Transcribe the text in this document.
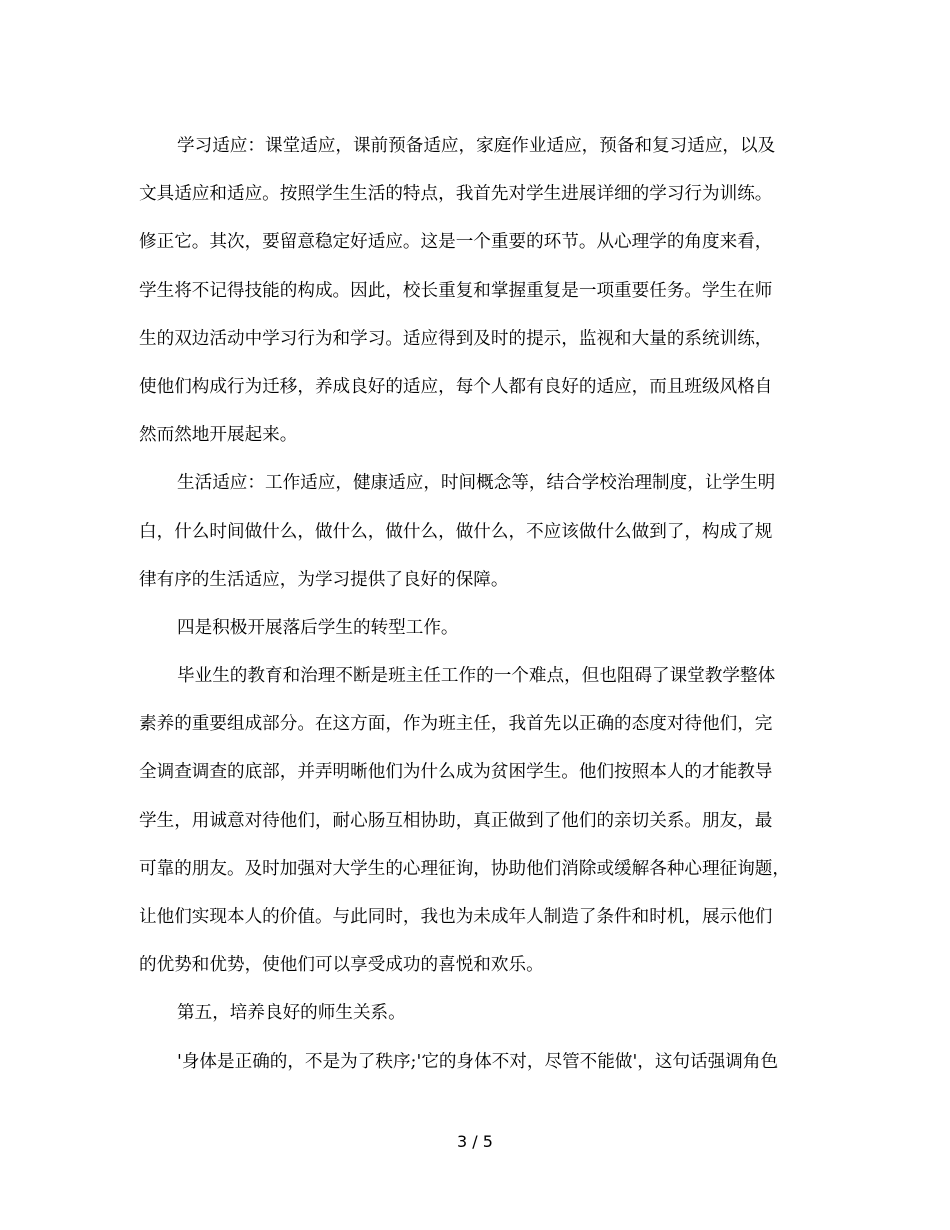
学习适应：课堂适应，课前预备适应，家庭作业适应，预备和复习适应，以及
文具适应和适应。按照学生生活的特点，我首先对学生进展详细的学习行为训练。
修正它。其次，要留意稳定好适应。这是一个重要的环节。从心理学的角度来看，
学生将不记得技能的构成。因此，校长重复和掌握重复是一项重要任务。学生在师
生的双边活动中学习行为和学习。适应得到及时的提示，监视和大量的系统训练，
使他们构成行为迁移，养成良好的适应，每个人都有良好的适应，而且班级风格自
然而然地开展起来。
生活适应：工作适应，健康适应，时间概念等，结合学校治理制度，让学生明
白，什么时间做什么，做什么，做什么，做什么，不应该做什么做到了，构成了规
律有序的生活适应，为学习提供了良好的保障。
四是积极开展落后学生的转型工作。
毕业生的教育和治理不断是班主任工作的一个难点，但也阻碍了课堂教学整体
素养的重要组成部分。在这方面，作为班主任，我首先以正确的态度对待他们，完
全调查调查的底部，并弄明晰他们为什么成为贫困学生。他们按照本人的才能教导
学生，用诚意对待他们，耐心肠互相协助，真正做到了他们的亲切关系。朋友，最
可靠的朋友。及时加强对大学生的心理征询，协助他们消除或缓解各种心理征询题，
让他们实现本人的价值。与此同时，我也为未成年人制造了条件和时机，展示他们
的优势和优势，使他们可以享受成功的喜悦和欢乐。
第五，培养良好的师生关系。
'身体是正确的，不是为了秩序;'它的身体不对，尽管不能做'，这句话强调角色
3 / 5
